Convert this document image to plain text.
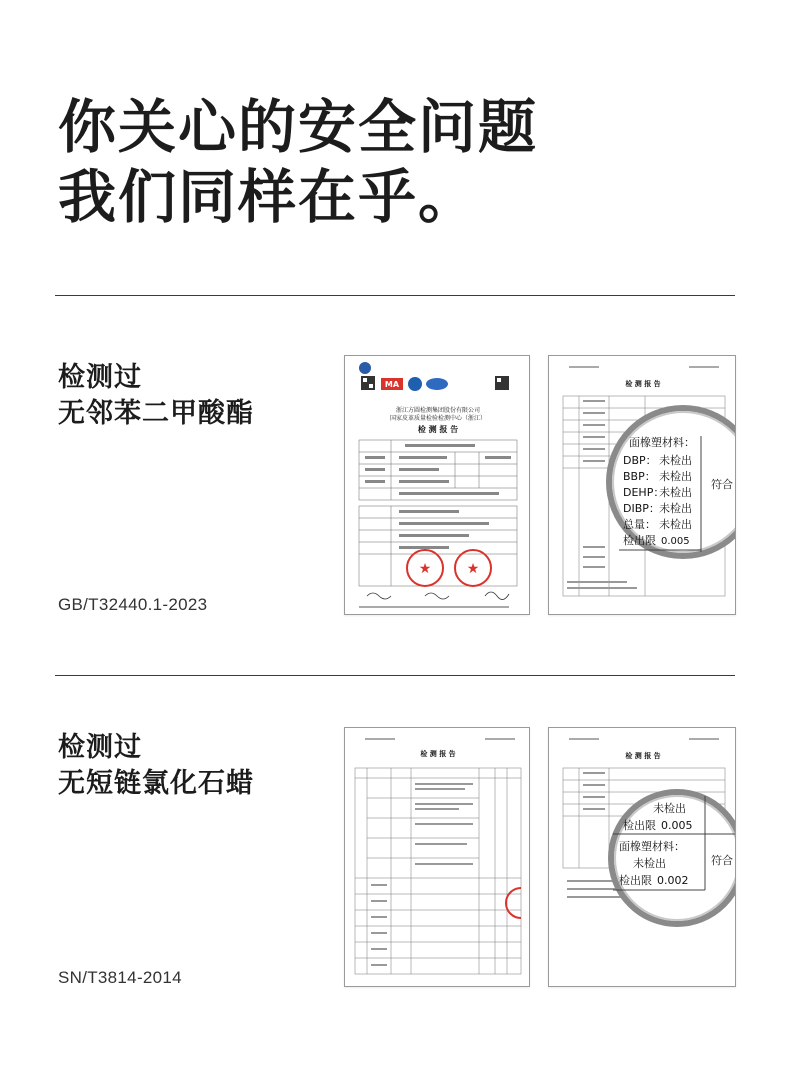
你关心的安全问题
我们同样在乎。
检测过
无邻苯二甲酸酯
GB/T32440.1-2023
MA
浙江方圆检测集团股份有限公司
国家皮革质量检验检测中心（浙江）
检 测 报 告
★	★
检 测 报 告
面橡塑材料：
DBP： 未检出
BBP： 未检出
DEHP：
未检出
DIBP： 未检出
总量： 未检出
检出限 0.005
符合
检测过
无短链氯化石蜡
SN/T3814-2014
检 测 报 告	检 测 报 告
未检出
检出限 0.005
面橡塑材料：
未检出
检出限 0.002
符合
